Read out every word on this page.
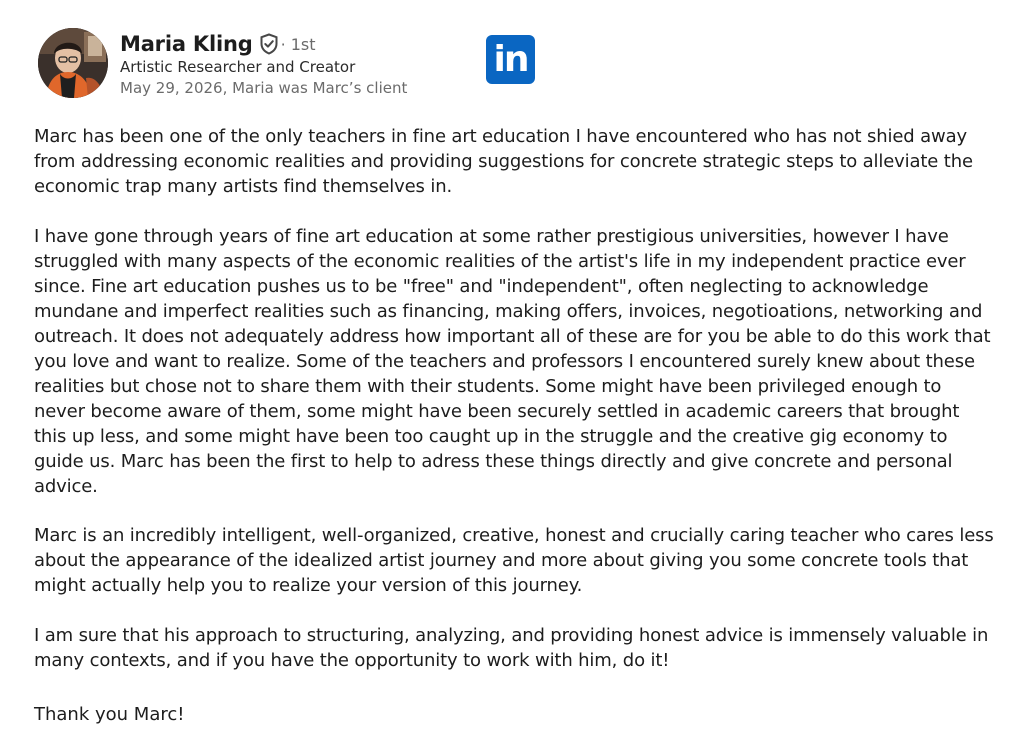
Maria Kling · 1st
Artistic Researcher and Creator
May 29, 2026, Maria was Marc’s client
in

Marc has been one of the only teachers in fine art education I have encountered who has not shied away from addressing economic realities and providing suggestions for concrete strategic steps to alleviate the economic trap many artists find themselves in.

I have gone through years of fine art education at some rather prestigious universities, however I have struggled with many aspects of the economic realities of the artist's life in my independent practice ever since. Fine art education pushes us to be "free" and "independent", often neglecting to acknowledge mundane and imperfect realities such as financing, making offers, invoices, negotioations, networking and outreach. It does not adequately address how important all of these are for you be able to do this work that you love and want to realize. Some of the teachers and professors I encountered surely knew about these realities but chose not to share them with their students. Some might have been privileged enough to never become aware of them, some might have been securely settled in academic careers that brought this up less, and some might have been too caught up in the struggle and the creative gig economy to guide us. Marc has been the first to help to adress these things directly and give concrete and personal advice.

Marc is an incredibly intelligent, well-organized, creative, honest and crucially caring teacher who cares less about the appearance of the idealized artist journey and more about giving you some concrete tools that might actually help you to realize your version of this journey.

I am sure that his approach to structuring, analyzing, and providing honest advice is immensely valuable in many contexts, and if you have the opportunity to work with him, do it!

Thank you Marc!
